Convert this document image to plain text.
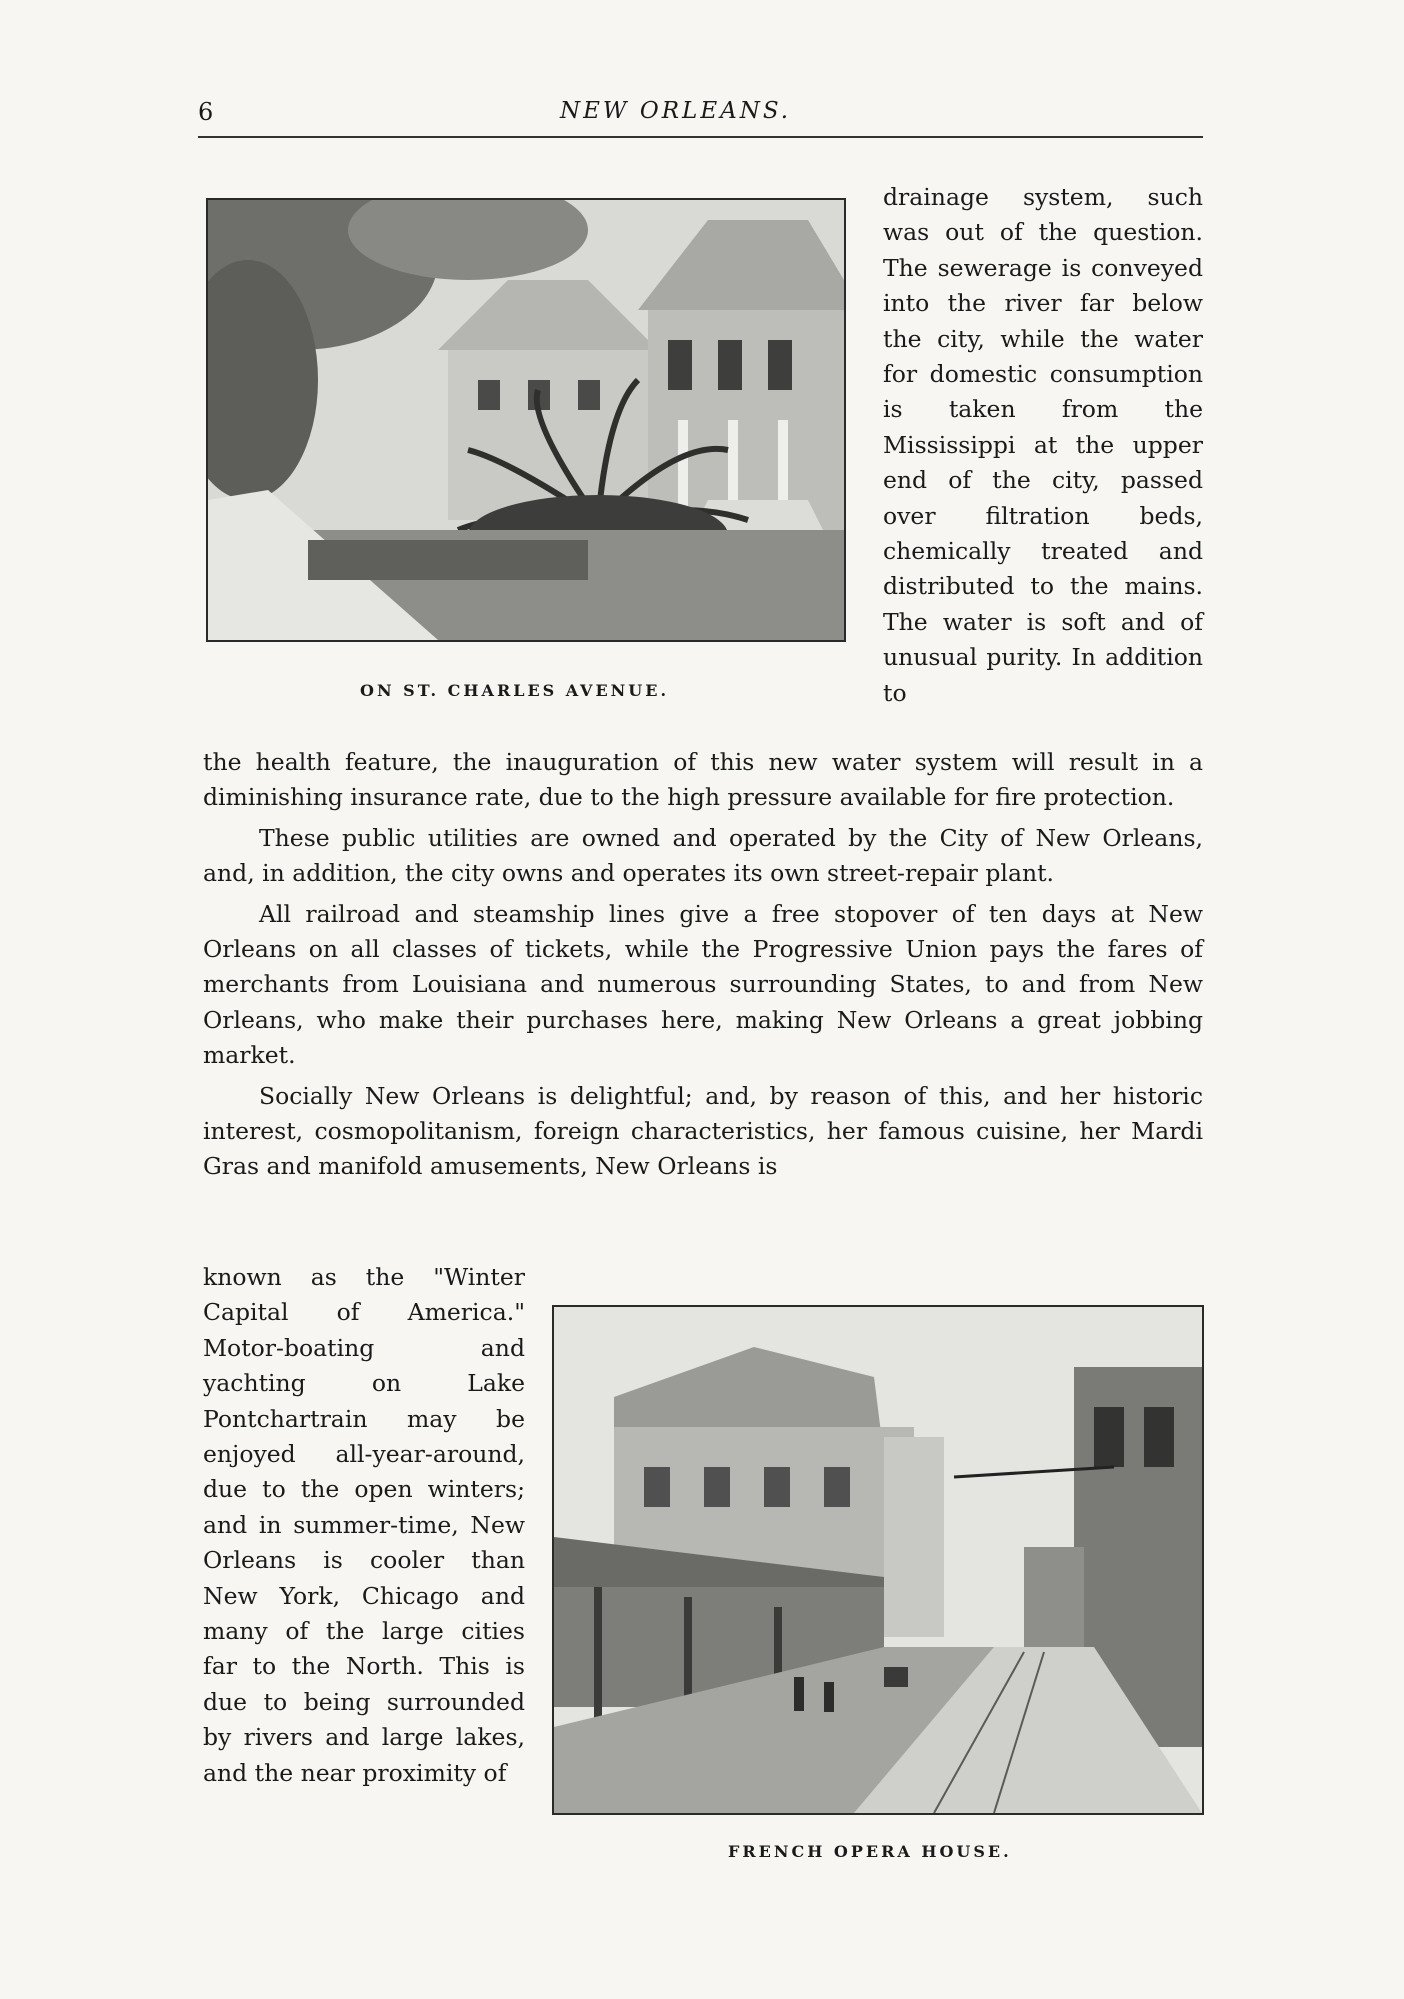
6	NEW ORLEANS.
ON ST. CHARLES AVENUE.

drainage system, such was out of the question. The sewerage is conveyed into the river far below the city, while the water for domestic consumption is taken from the Mississippi at the upper end of the city, passed over filtration beds, chemically treated and distributed to the mains. The water is soft and of unusual purity. In addition to

the health feature, the inauguration of this new water system will result in a diminishing insurance rate, due to the high pressure available for fire protection.

These public utilities are owned and operated by the City of New Orleans, and, in addition, the city owns and operates its own street-repair plant.

All railroad and steamship lines give a free stopover of ten days at New Orleans on all classes of tickets, while the Progressive Union pays the fares of merchants from Louisiana and numerous surrounding States, to and from New Orleans, who make their purchases here, making New Orleans a great jobbing market.

Socially New Orleans is delightful; and, by reason of this, and her historic interest, cosmopolitanism, foreign characteristics, her famous cuisine, her Mardi Gras and manifold amusements, New Orleans is

known as the "Winter Capital of America." Motor-boating and yachting on Lake Pontchartrain may be enjoyed all-year-around, due to the open winters; and in summer-time, New Orleans is cooler than New York, Chicago and many of the large cities far to the North. This is due to being surrounded by rivers and large lakes, and the near proximity of

FRENCH OPERA HOUSE.
